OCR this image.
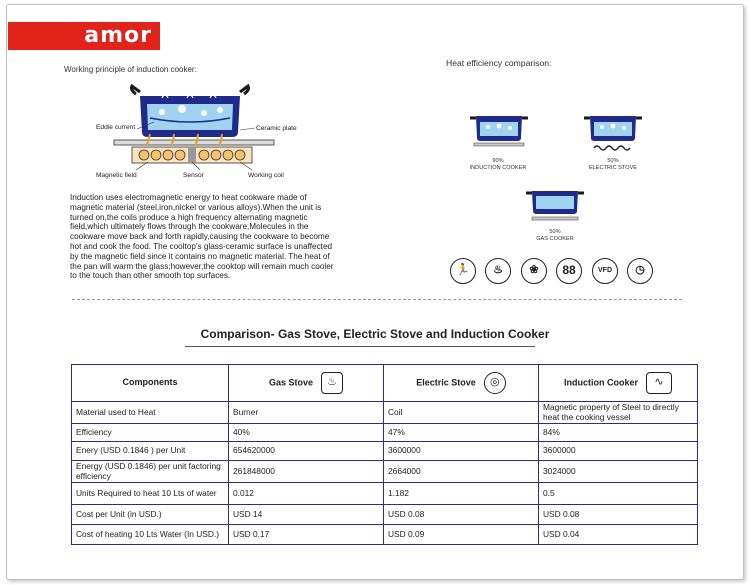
amor
Working principle of induction cooker:
Eddie current	Ceramic plate
Magnetic field	Sensor	Working coil
Induction uses electromagnetic energy to heat cookware made of magnetic material (steel,iron,nickel or various alloys).When the unit is turned on,the coils produce a high frequency alternating magnetic field,which ultimately flows through the cookware,Molecules in the cookware move back and forth rapidly,causing the cookware to become hot and cook the food. The cooltop's glass-ceramic surface is unaffected by the magnetic field since it contains no magnetic material. The heat of the pan will warm the glass;however,the cooktop will remain much cooler to the touch than other smooth top surfaces.
Heat efficiency comparison:
90%
INDUCTION COOKER
50%
ELECTRIC STOVE
50%
GAS COOKER
🏃	♨	❀	88	VFD	◷
Comparison- Gas Stove, Electric Stove and Induction Cooker
Components	Gas Stove ♨	Electric Stove ◎	Induction Cooker ∿
Material used to Heat	Burner	Coil	Magnetic property of Steel to directly heat the cooking vessel
Efficiency	40%	47%	84%
Enery (USD 0.1846 ) per Unit	654620000	3600000	3600000
Energy (USD 0.1846) per unit factoring efficiency	261848000	2664000	3024000
Units Required to heat 10 Lts of water	0.012	1.182	0.5
Cost per Unit (in USD.)	USD 14	USD 0.08	USD 0.08
Cost of heating 10 Lts Water (In USD.)	USD 0.17	USD 0.09	USD 0.04
